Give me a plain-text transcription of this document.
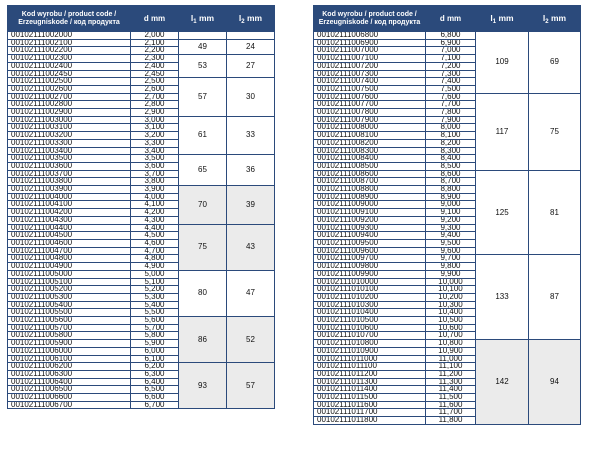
Kod wyrobu / product code / Erzeugniskode / код продукта	d mm	$l_1$ mm	$l_2$ mm
00102111002000	2,000		
00102111002100	2,100	49	24
00102111002200	2,200		
00102111002300	2,300	53	27
00102111002400	2,400		
00102111002450	2,450		
00102111002500	2,500	57	30
00102111002600	2,600		
00102111002700	2,700		
00102111002800	2,800		
00102111002900	2,900		
00102111003000	3,000	61	33
00102111003100	3,100		
00102111003200	3,200		
00102111003300	3,300		
00102111003400	3,400		
00102111003500	3,500	65	36
00102111003600	3,600		
00102111003700	3,700		
00102111003800	3,800		
00102111003900	3,900	70	39
00102111004000	4,000		
00102111004100	4,100		
00102111004200	4,200		
00102111004300	4,300		
00102111004400	4,400	75	43
00102111004500	4,500		
00102111004600	4,600		
00102111004700	4,700		
00102111004800	4,800		
00102111004900	4,900		
00102111005000	5,000	80	47
00102111005100	5,100		
00102111005200	5,200		
00102111005300	5,300		
00102111005400	5,400		
00102111005500	5,500		
00102111005600	5,600	86	52
00102111005700	5,700		
00102111005800	5,800		
00102111005900	5,900		
00102111006000	6,000		
00102111006100	6,100		
00102111006200	6,200	93	57
00102111006300	6,300		
00102111006400	6,400		
00102111006500	6,500		
00102111006600	6,600		
00102111006700	6,700		
Kod wyrobu / product code / Erzeugniskode / код продукта	d mm	$l_1$ mm	$l_2$ mm
00102111006800	6,800	109	69
00102111006900	6,900		
00102111007000	7,000		
00102111007100	7,100		
00102111007200	7,200		
00102111007300	7,300		
00102111007400	7,400		
00102111007500	7,500		
00102111007600	7,600	117	75
00102111007700	7,700		
00102111007800	7,800		
00102111007900	7,900		
00102111008000	8,000		
00102111008100	8,100		
00102111008200	8,200		
00102111008300	8,300		
00102111008400	8,400		
00102111008500	8,500		
00102111008600	8,600	125	81
00102111008700	8,700		
00102111008800	8,800		
00102111008900	8,900		
00102111009000	9,000		
00102111009100	9,100		
00102111009200	9,200		
00102111009300	9,300		
00102111009400	9,400		
00102111009500	9,500		
00102111009600	9,600		
00102111009700	9,700	133	87
00102111009800	9,800		
00102111009900	9,900		
00102111010000	10,000		
00102111010100	10,100		
00102111010200	10,200		
00102111010300	10,300		
00102111010400	10,400		
00102111010500	10,500		
00102111010600	10,600		
00102111010700	10,700		
00102111010800	10,800	142	94
00102111010900	10,900		
00102111011000	11,000		
00102111011100	11,100		
00102111011200	11,200		
00102111011300	11,300		
00102111011400	11,400		
00102111011500	11,500		
00102111011600	11,600		
00102111011700	11,700		
00102111011800	11,800		
